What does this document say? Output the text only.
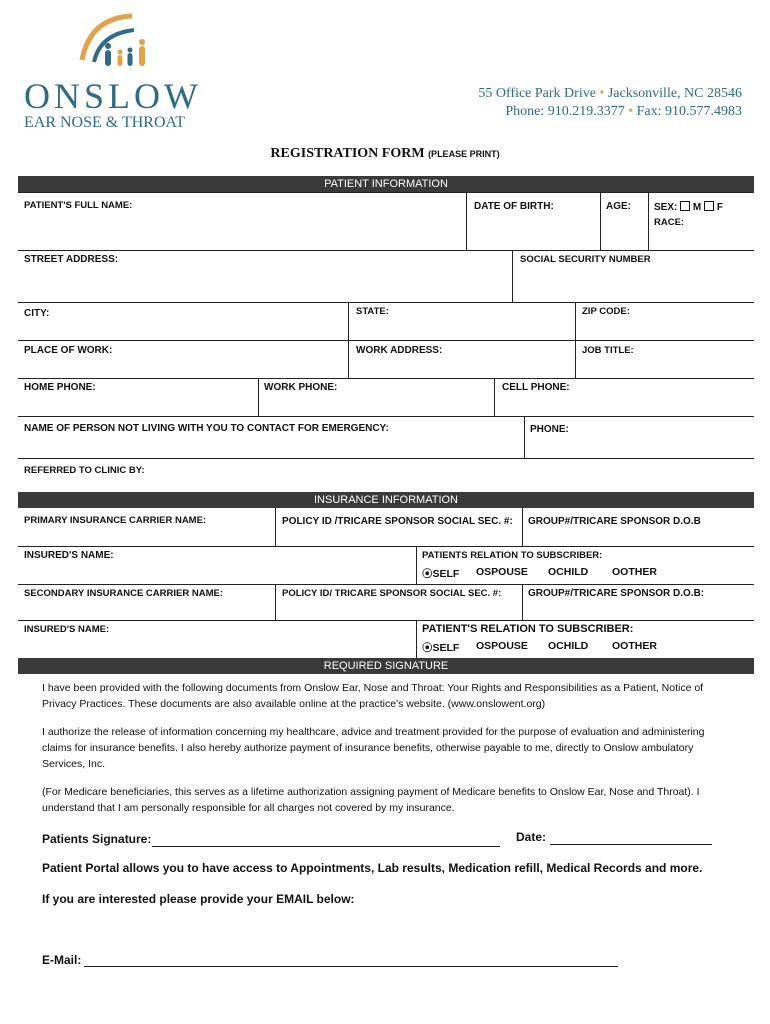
ONSLOW
EAR NOSE & THROAT
55 Office Park Drive • Jacksonville, NC 28546
Phone: 910.219.3377 • Fax: 910.577.4983
REGISTRATION FORM (PLEASE PRINT)
PATIENT INFORMATION
PATIENT'S FULL NAME:	DATE OF BIRTH:	AGE: SEX: M F
RACE:
STREET ADDRESS:	SOCIAL SECURITY NUMBER
CITY:	STATE:	ZIP CODE:
PLACE OF WORK:	WORK ADDRESS:	JOB TITLE:
HOME PHONE:	WORK PHONE:	CELL PHONE:
NAME OF PERSON NOT LIVING WITH YOU TO CONTACT FOR EMERGENCY:	PHONE:
REFERRED TO CLINIC BY:
INSURANCE INFORMATION
PRIMARY INSURANCE CARRIER NAME:	POLICY ID /TRICARE SPONSOR SOCIAL SEC. #: GROUP#/TRICARE SPONSOR D.O.B
INSURED'S NAME:	PATIENTS RELATION TO SUBSCRIBER:
⦿SELF OSPOUSE OCHILD OOTHER
SECONDARY INSURANCE CARRIER NAME:	POLICY ID/ TRICARE SPONSOR SOCIAL SEC. #:	GROUP#/TRICARE SPONSOR D.O.B:
INSURED'S NAME:	PATIENT'S RELATION TO SUBSCRIBER:
⦿SELF OSPOUSE OCHILD OOTHER
REQUIRED SIGNATURE
I have been provided with the following documents from Onslow Ear, Nose and Throat: Your Rights and Responsibilities as a Patient, Notice of Privacy Practices. These documents are also available online at the practice's website. (www.onslowent.org)
I authorize the release of information concerning my healthcare, advice and treatment provided for the purpose of evaluation and administering claims for insurance benefits. I also hereby authorize payment of insurance benefits, otherwise payable to me, directly to Onslow ambulatory Services, Inc.
(For Medicare beneficiaries, this serves as a lifetime authorization assigning payment of Medicare benefits to Onslow Ear, Nose and Throat). I understand that I am personally responsible for all charges not covered by my insurance.
Patients Signature:	Date:
Patient Portal allows you to have access to Appointments, Lab results, Medication refill, Medical Records and more.
If you are interested please provide your EMAIL below:
E-Mail:
